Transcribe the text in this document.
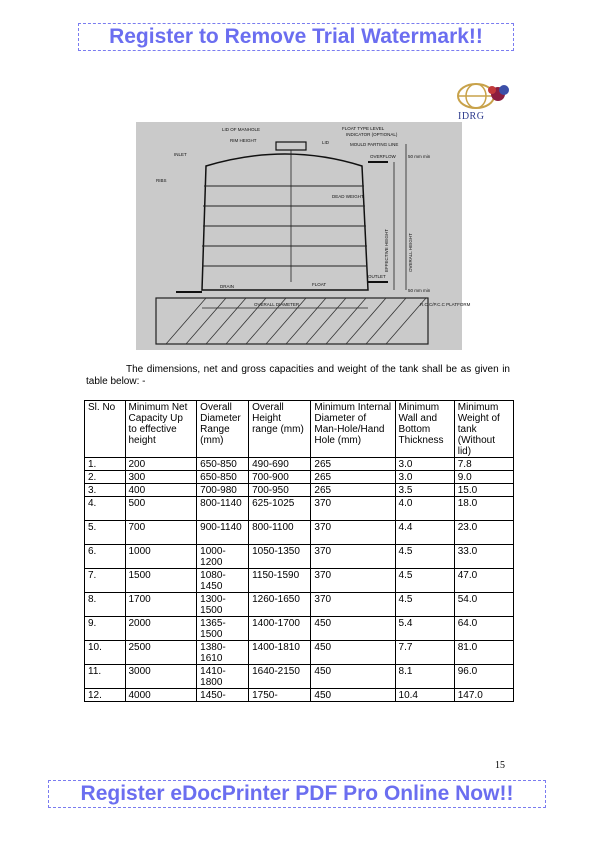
Register to Remove Trial Watermark!!
IDRG
LID OF MANHOLE	FLOAT TYPE LEVEL
INDICATOR (OPTIONAL)
RIM HEIGHT	LID	MOULD PARTING LINE
INLET	OVERFLOW	50 mm min
RIBS
DEAD WEIGHT
EFFECTIVE HEIGHT	OVERALL HEIGHT
DRAIN	FLOAT
OUTLET
50 mm min
OVERALL DIAMETER	R.C.C/P.C.C PLATFORM
The dimensions, net and gross capacities and weight of the tank shall be as given in table below: -
Sl. No	Minimum Net Capacity Up to effective height	Overall Diameter Range (mm)	Overall Height range (mm)	Minimum Internal Diameter of Man-Hole/Hand Hole (mm)	Minimum Wall and Bottom Thickness	Minimum Weight of tank (Without lid)
1.	200	650-850	490-690	265	3.0	7.8
2.	300	650-850	700-900	265	3.0	9.0
3.	400	700-980	700-950	265	3.5	15.0
4.	500	800-1140	625-1025	370	4.0	18.0
5.	700	900-1140	800-1100	370	4.4	23.0
6.	1000	1000-1200	1050-1350	370	4.5	33.0
7.	1500	1080-1450	1150-1590	370	4.5	47.0
8.	1700	1300-1500	1260-1650	370	4.5	54.0
9.	2000	1365-1500	1400-1700	450	5.4	64.0
10.	2500	1380-1610	1400-1810	450	7.7	81.0
11.	3000	1410-1800	1640-2150	450	8.1	96.0
12.	4000	1450-	1750-	450	10.4	147.0
15
Register eDocPrinter PDF Pro Online Now!!
